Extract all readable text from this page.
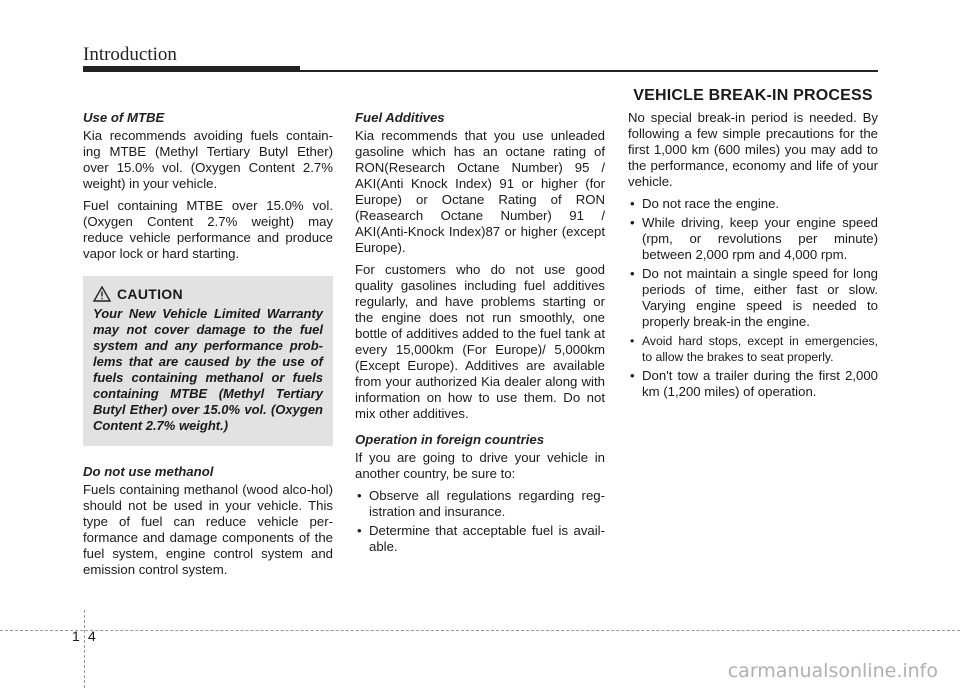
Introduction
Use of MTBE

Kia recommends avoiding fuels contain-ing MTBE (Methyl Tertiary Butyl Ether) over 15.0% vol. (Oxygen Content 2.7% weight) in your vehicle.

Fuel containing MTBE over 15.0% vol. (Oxygen Content 2.7% weight) may reduce vehicle performance and produce vapor lock or hard starting.

CAUTION
Your New Vehicle Limited Warranty may not cover damage to the fuel system and any performance prob-lems that are caused by the use of fuels containing methanol or fuels containing MTBE (Methyl Tertiary Butyl Ether) over 15.0% vol. (Oxygen Content 2.7% weight.)
Do not use methanol

Fuels containing methanol (wood alco-hol) should not be used in your vehicle. This type of fuel can reduce vehicle per-formance and damage components of the fuel system, engine control system and emission control system.

Fuel Additives

Kia recommends that you use unleaded gasoline which has an octane rating of RON(Research Octane Number) 95 / AKI(Anti Knock Index) 91 or higher (for Europe) or Octane Rating of RON (Reasearch Octane Number) 91 / AKI(Anti-Knock Index)87 or higher (except Europe).

For customers who do not use good quality gasolines including fuel additives regularly, and have problems starting or the engine does not run smoothly, one bottle of additives added to the fuel tank at every 15,000km (For Europe)/ 5,000km (Except Europe). Additives are available from your authorized Kia dealer along with information on how to use them. Do not mix other additives.

Operation in foreign countries

If you are going to drive your vehicle in another country, be sure to:

• Observe all regulations regarding reg-istration and insurance.
• Determine that acceptable fuel is avail-able.
VEHICLE BREAK-IN PROCESS

No special break-in period is needed. By following a few simple precautions for the first 1,000 km (600 miles) you may add to the performance, economy and life of your vehicle.

• Do not race the engine.
• While driving, keep your engine speed (rpm, or revolutions per minute) between 2,000 rpm and 4,000 rpm.
• Do not maintain a single speed for long periods of time, either fast or slow. Varying engine speed is needed to properly break-in the engine.
• Avoid hard stops, except in emergencies, to allow the brakes to seat properly.
• Don't tow a trailer during the first 2,000 km (1,200 miles) of operation.
1 4
carmanualsonline.info
